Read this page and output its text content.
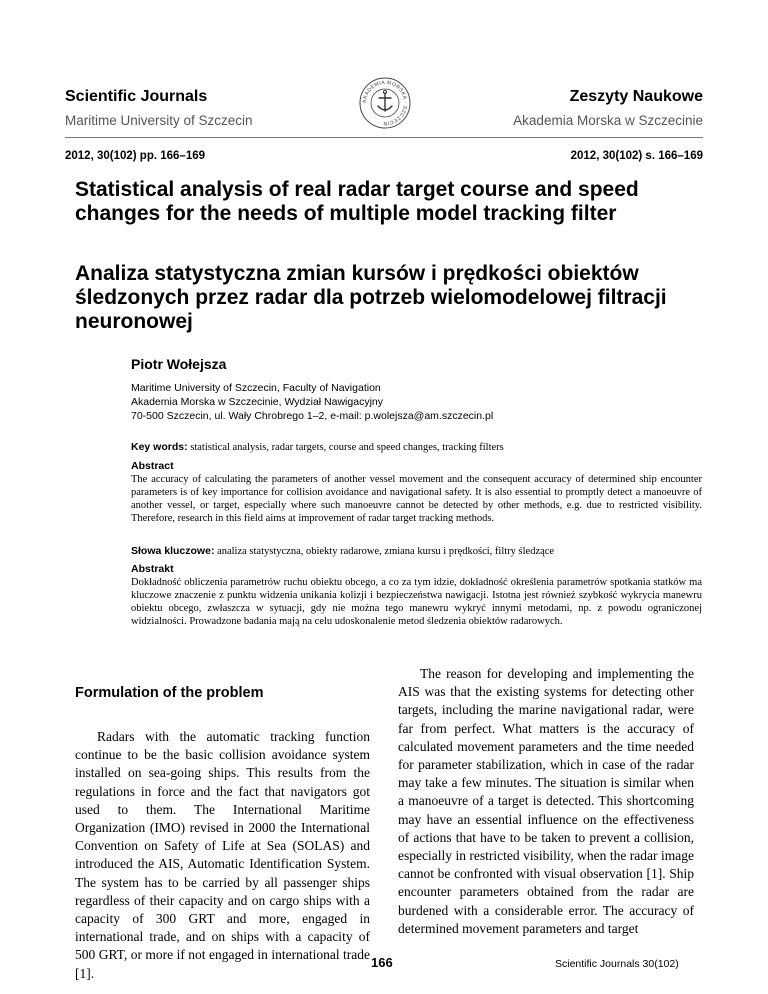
Scientific Journals
Maritime University of Szczecin
Zeszyty Naukowe
Akademia Morska w Szczecinie
AKADEMIA MORSKA · SZCZECIN ·
2012, 30(102) pp. 166–169	2012, 30(102) s. 166–169
Statistical analysis of real radar target course and speed changes for the needs of multiple model tracking filter
Analiza statystyczna zmian kursów i prędkości obiektów śledzonych przez radar dla potrzeb wielomodelowej filtracji neuronowej
Piotr Wołejsza
Maritime University of Szczecin, Faculty of Navigation
Akademia Morska w Szczecinie, Wydział Nawigacyjny
70-500 Szczecin, ul. Wały Chrobrego 1–2, e-mail: p.wolejsza@am.szczecin.pl
Key words: statistical analysis, radar targets, course and speed changes, tracking filters
Abstract

The accuracy of calculating the parameters of another vessel movement and the consequent accuracy of determined ship encounter parameters is of key importance for collision avoidance and navigational safety. It is also essential to promptly detect a manoeuvre of another vessel, or target, especially where such manoeuvre cannot be detected by other methods, e.g. due to restricted visibility. Therefore, research in this field aims at improvement of radar target tracking methods.

Słowa kluczowe: analiza statystyczna, obiekty radarowe, zmiana kursu i prędkości, filtry śledzące
Abstrakt

Dokładność obliczenia parametrów ruchu obiektu obcego, a co za tym idzie, dokładność określenia parametrów spotkania statków ma kluczowe znaczenie z punktu widzenia unikania kolizji i bezpieczeństwa nawigacji. Istotna jest również szybkość wykrycia manewru obiektu obcego, zwłaszcza w sytuacji, gdy nie można tego manewru wykryć innymi metodami, np. z powodu ograniczonej widzialności. Prowadzone badania mają na celu udoskonalenie metod śledzenia obiektów radarowych.

Formulation of the problem

Radars with the automatic tracking function continue to be the basic collision avoidance system installed on sea-going ships. This results from the regulations in force and the fact that navigators got used to them. The International Maritime Organization (IMO) revised in 2000 the International Convention on Safety of Life at Sea (SOLAS) and introduced the AIS, Automatic Identification System. The system has to be carried by all passenger ships regardless of their capacity and on cargo ships with a capacity of 300 GRT and more, engaged in international trade, and on ships with a capacity of 500 GRT, or more if not engaged in international trade [1].

The reason for developing and implementing the AIS was that the existing systems for detecting other targets, including the marine navigational radar, were far from perfect. What matters is the accuracy of calculated movement parameters and the time needed for parameter stabilization, which in case of the radar may take a few minutes. The situation is similar when a manoeuvre of a target is detected. This shortcoming may have an essential influence on the effectiveness of actions that have to be taken to prevent a collision, especially in restricted visibility, when the radar image cannot be confronted with visual observation [1]. Ship encounter parameters obtained from the radar are burdened with a considerable error. The accuracy of determined movement parameters and target

166	Scientific Journals 30(102)
